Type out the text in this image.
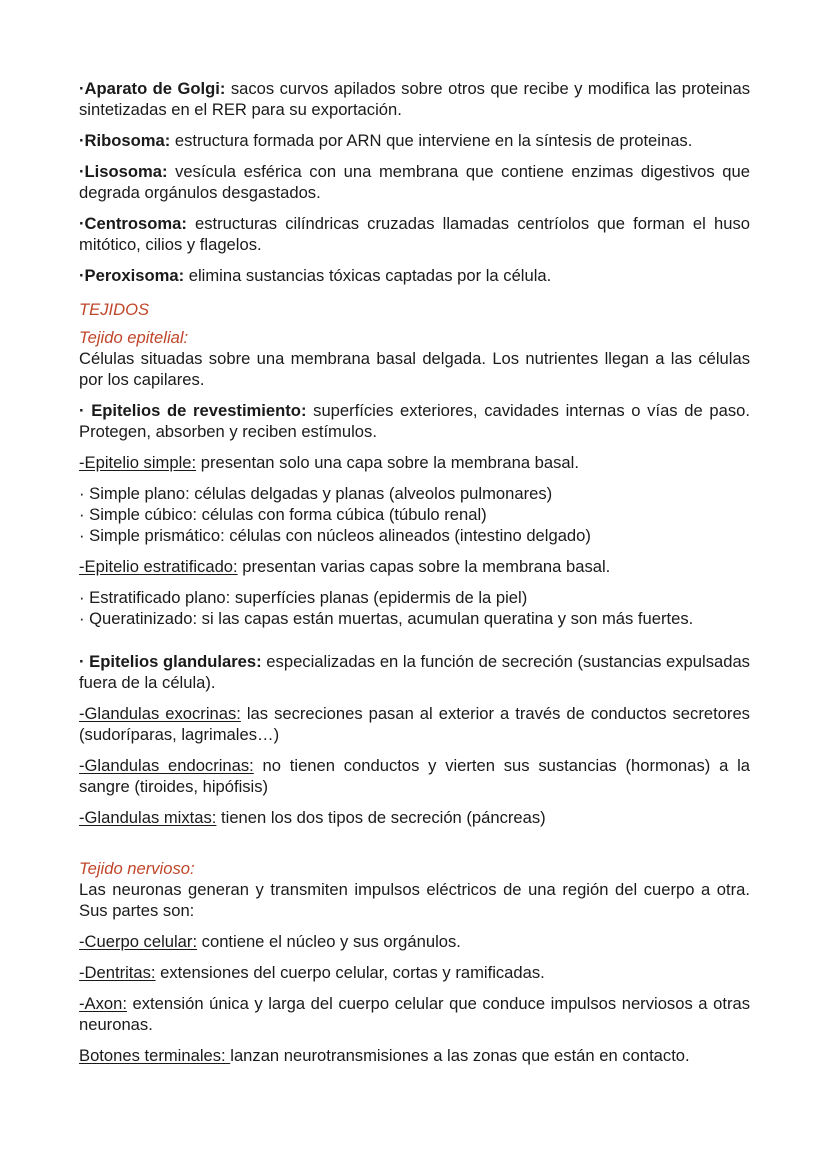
·Aparato de Golgi: sacos curvos apilados sobre otros que recibe y modifica las proteinas sintetizadas en el RER para su exportación.

·Ribosoma: estructura formada por ARN que interviene en la síntesis de proteinas.

·Lisosoma: vesícula esférica con una membrana que contiene enzimas digestivos que degrada orgánulos desgastados.

·Centrosoma: estructuras cilíndricas cruzadas llamadas centríolos que forman el huso mitótico, cilios y flagelos.

·Peroxisoma: elimina sustancias tóxicas captadas por la célula.

TEJIDOS
Tejido epitelial:

Células situadas sobre una membrana basal delgada. Los nutrientes llegan a las células por los capilares.

· Epitelios de revestimiento: superfícies exteriores, cavidades internas o vías de paso. Protegen, absorben y reciben estímulos.

-Epitelio simple: presentan solo una capa sobre la membrana basal.

· Simple plano: células delgadas y planas (alveolos pulmonares)
· Simple cúbico: células con forma cúbica (túbulo renal)
· Simple prismático: células con núcleos alineados (intestino delgado)

-Epitelio estratificado: presentan varias capas sobre la membrana basal.

· Estratificado plano: superfícies planas (epidermis de la piel)
· Queratinizado: si las capas están muertas, acumulan queratina y son más fuertes.

· Epitelios glandulares: especializadas en la función de secreción (sustancias expulsadas fuera de la célula).

-Glandulas exocrinas: las secreciones pasan al exterior a través de conductos secretores (sudoríparas, lagrimales…)

-Glandulas endocrinas: no tienen conductos y vierten sus sustancias (hormonas) a la sangre (tiroides, hipófisis)

-Glandulas mixtas: tienen los dos tipos de secreción (páncreas)

Tejido nervioso:

Las neuronas generan y transmiten impulsos eléctricos de una región del cuerpo a otra. Sus partes son:

-Cuerpo celular: contiene el núcleo y sus orgánulos.

-Dentritas: extensiones del cuerpo celular, cortas y ramificadas.

-Axon: extensión única y larga del cuerpo celular que conduce impulsos nerviosos a otras neuronas.

Botones terminales: lanzan neurotransmisiones a las zonas que están en contacto.
